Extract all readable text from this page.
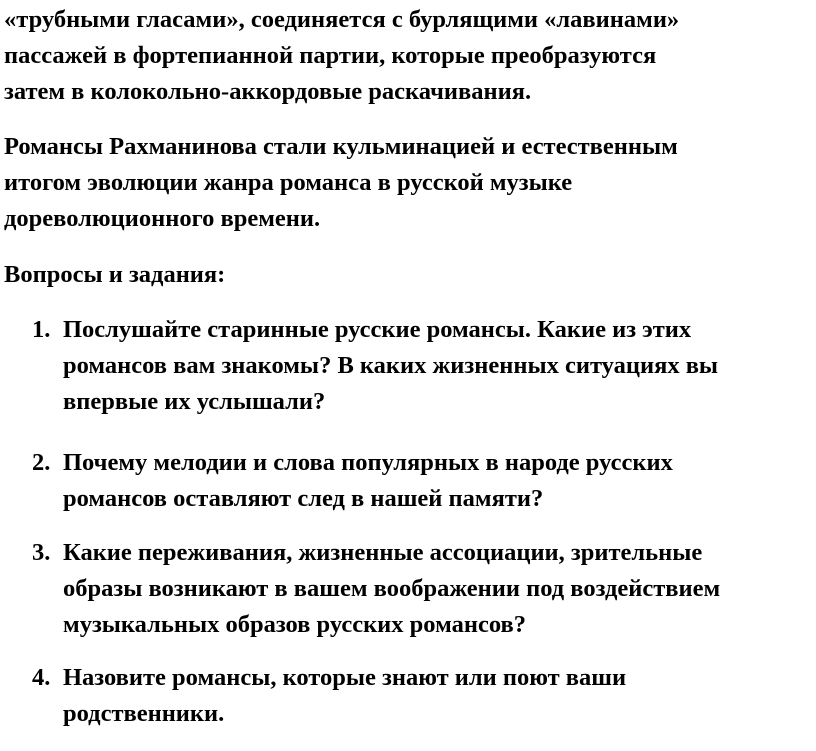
«трубными гласами», соединяется с бурлящими «лавинами»
пассажей в фортепианной партии, которые преобразуются
затем в колокольно-аккордовые раскачивания.

Романсы Рахманинова стали кульминацией и естественным
итогом эволюции жанра романса в русской музыке
дореволюционного времени.

Вопросы и задания:

1. Послушайте старинные русские романсы. Какие из этих
романсов вам знакомы? В каких жизненных ситуациях вы
впервые их услышали?
2. Почему мелодии и слова популярных в народе русских
романсов оставляют след в нашей памяти?
3. Какие переживания, жизненные ассоциации, зрительные
образы возникают в вашем воображении под воздействием
музыкальных образов русских романсов?
4. Назовите романсы, которые знают или поют ваши
родственники.
